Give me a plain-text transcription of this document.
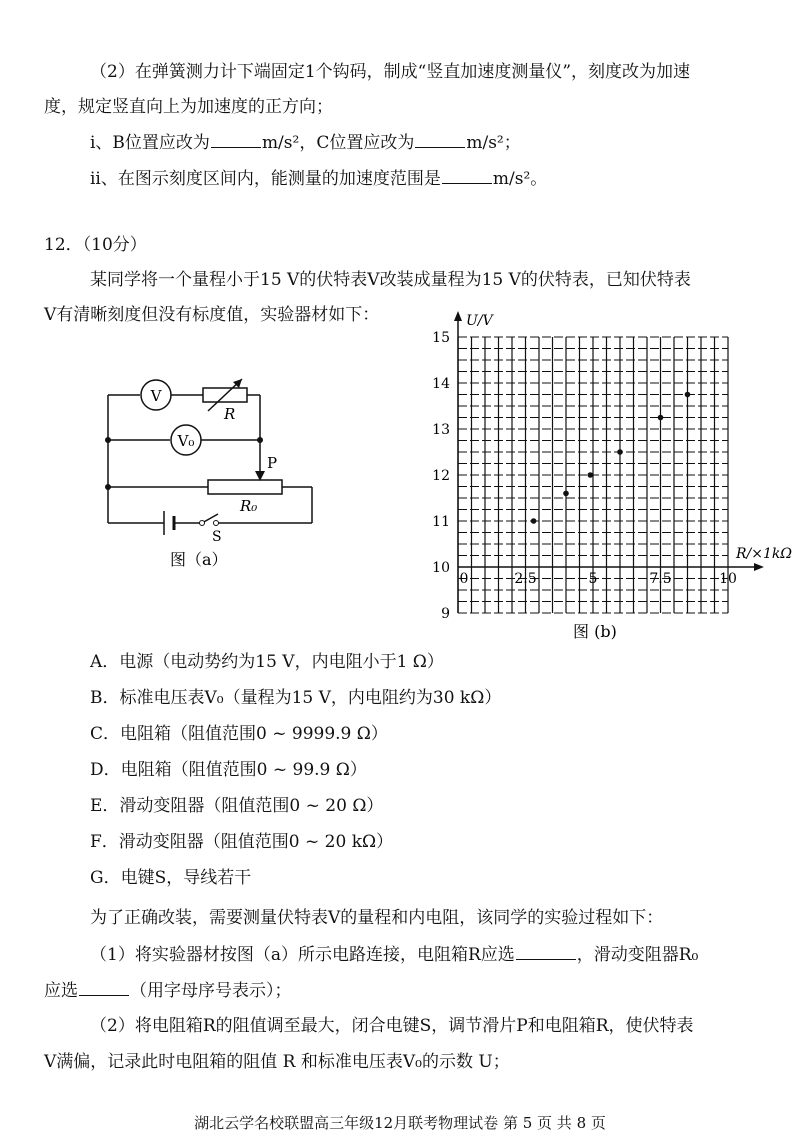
（2）在弹簧测力计下端固定1个钩码，制成“竖直加速度测量仪”，刻度改为加速
度，规定竖直向上为加速度的正方向；
i、B位置应改为	m/s²，C位置应改为	m/s²；
ii、在图示刻度区间内，能测量的加速度范围是	m/s²。
12．（10分）
某同学将一个量程小于15 V的伏特表V改装成量程为15 V的伏特表，已知伏特表
V有清晰刻度但没有标度值，实验器材如下：
V
V₀
R
P
R₀
S
图（a）
9
10
11
12
13
14
15
0	2.5	5	7.5	10
R/×1kΩ
U/V
图 (b)
A．电源（电动势约为15 V，内电阻小于1 Ω）
B．标准电压表V₀（量程为15 V，内电阻约为30 kΩ）
C．电阻箱（阻值范围0 ~ 9999.9 Ω）
D．电阻箱（阻值范围0 ~ 99.9 Ω）
E．滑动变阻器（阻值范围0 ~ 20 Ω）
F．滑动变阻器（阻值范围0 ~ 20 kΩ）
G．电键S，导线若干
为了正确改装，需要测量伏特表V的量程和内电阻，该同学的实验过程如下：
（1）将实验器材按图（a）所示电路连接，电阻箱R应选	，滑动变阻器R₀
应选	（用字母序号表示）；
（2）将电阻箱R的阻值调至最大，闭合电键S，调节滑片P和电阻箱R，使伏特表
V满偏，记录此时电阻箱的阻值 R 和标准电压表V₀的示数 U；
湖北云学名校联盟高三年级12月联考物理试卷 第 5 页 共 8 页
